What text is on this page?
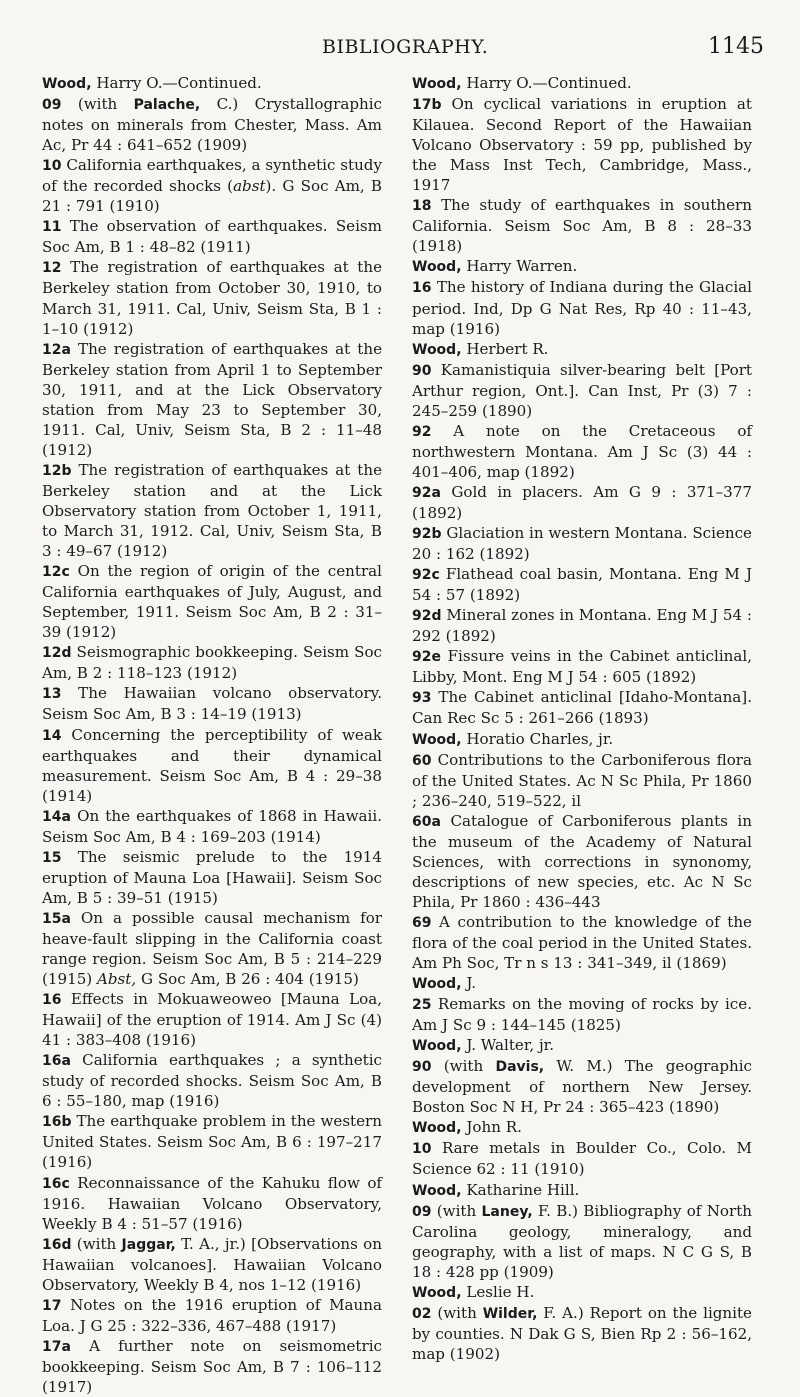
BIBLIOGRAPHY.	1145
Wood, Harry O.—Continued.
09 (with Palache, C.) Crystallographic notes on minerals from Chester, Mass. Am Ac, Pr 44 : 641–652 (1909)
10 California earthquakes, a synthetic study of the recorded shocks (abst). G Soc Am, B 21 : 791 (1910)
11 The observation of earthquakes. Seism Soc Am, B 1 : 48–82 (1911)
12 The registration of earthquakes at the Berkeley station from October 30, 1910, to March 31, 1911. Cal, Univ, Seism Sta, B 1 : 1–10 (1912)
12a The registration of earthquakes at the Berkeley station from April 1 to September 30, 1911, and at the Lick Observatory station from May 23 to September 30, 1911. Cal, Univ, Seism Sta, B 2 : 11–48 (1912)
12b The registration of earthquakes at the Berkeley station and at the Lick Observatory station from October 1, 1911, to March 31, 1912. Cal, Univ, Seism Sta, B 3 : 49–67 (1912)
12c On the region of origin of the central California earthquakes of July, August, and September, 1911. Seism Soc Am, B 2 : 31–39 (1912)
12d Seismographic bookkeeping. Seism Soc Am, B 2 : 118–123 (1912)
13 The Hawaiian volcano observatory. Seism Soc Am, B 3 : 14–19 (1913)
14 Concerning the perceptibility of weak earthquakes and their dynamical measurement. Seism Soc Am, B 4 : 29–38 (1914)
14a On the earthquakes of 1868 in Hawaii. Seism Soc Am, B 4 : 169–203 (1914)
15 The seismic prelude to the 1914 eruption of Mauna Loa [Hawaii]. Seism Soc Am, B 5 : 39–51 (1915)
15a On a possible causal mechanism for heave-fault slipping in the California coast range region. Seism Soc Am, B 5 : 214–229 (1915) Abst, G Soc Am, B 26 : 404 (1915)
16 Effects in Mokuaweoweo [Mauna Loa, Hawaii] of the eruption of 1914. Am J Sc (4) 41 : 383–408 (1916)
16a California earthquakes ; a synthetic study of recorded shocks. Seism Soc Am, B 6 : 55–180, map (1916)
16b The earthquake problem in the western United States. Seism Soc Am, B 6 : 197–217 (1916)
16c Reconnaissance of the Kahuku flow of 1916. Hawaiian Volcano Observatory, Weekly B 4 : 51–57 (1916)
16d (with Jaggar, T. A., jr.) [Observations on Hawaiian volcanoes]. Hawaiian Volcano Observatory, Weekly B 4, nos 1–12 (1916)
17 Notes on the 1916 eruption of Mauna Loa. J G 25 : 322–336, 467–488 (1917)
17a A further note on seismometric bookkeeping. Seism Soc Am, B 7 : 106–112 (1917)
Wood, Harry O.—Continued.
17b On cyclical variations in eruption at Kilauea. Second Report of the Hawaiian Volcano Observatory : 59 pp, published by the Mass Inst Tech, Cambridge, Mass., 1917
18 The study of earthquakes in southern California. Seism Soc Am, B 8 : 28–33 (1918)
Wood, Harry Warren.
16 The history of Indiana during the Glacial period. Ind, Dp G Nat Res, Rp 40 : 11–43, map (1916)
Wood, Herbert R.
90 Kamanistiquia silver-bearing belt [Port Arthur region, Ont.]. Can Inst, Pr (3) 7 : 245–259 (1890)
92 A note on the Cretaceous of northwestern Montana. Am J Sc (3) 44 : 401–406, map (1892)
92a Gold in placers. Am G 9 : 371–377 (1892)
92b Glaciation in western Montana. Science 20 : 162 (1892)
92c Flathead coal basin, Montana. Eng M J 54 : 57 (1892)
92d Mineral zones in Montana. Eng M J 54 : 292 (1892)
92e Fissure veins in the Cabinet anticlinal, Libby, Mont. Eng M J 54 : 605 (1892)
93 The Cabinet anticlinal [Idaho-Montana]. Can Rec Sc 5 : 261–266 (1893)
Wood, Horatio Charles, jr.
60 Contributions to the Carboniferous flora of the United States. Ac N Sc Phila, Pr 1860 ; 236–240, 519–522, il
60a Catalogue of Carboniferous plants in the museum of the Academy of Natural Sciences, with corrections in synonomy, descriptions of new species, etc. Ac N Sc Phila, Pr 1860 : 436–443
69 A contribution to the knowledge of the flora of the coal period in the United States. Am Ph Soc, Tr n s 13 : 341–349, il (1869)
Wood, J.
25 Remarks on the moving of rocks by ice. Am J Sc 9 : 144–145 (1825)
Wood, J. Walter, jr.
90 (with Davis, W. M.) The geographic development of northern New Jersey. Boston Soc N H, Pr 24 : 365–423 (1890)
Wood, John R.
10 Rare metals in Boulder Co., Colo. M Science 62 : 11 (1910)
Wood, Katharine Hill.
09 (with Laney, F. B.) Bibliography of North Carolina geology, mineralogy, and geography, with a list of maps. N C G S, B 18 : 428 pp (1909)
Wood, Leslie H.
02 (with Wilder, F. A.) Report on the lignite by counties. N Dak G S, Bien Rp 2 : 56–162, map (1902)
